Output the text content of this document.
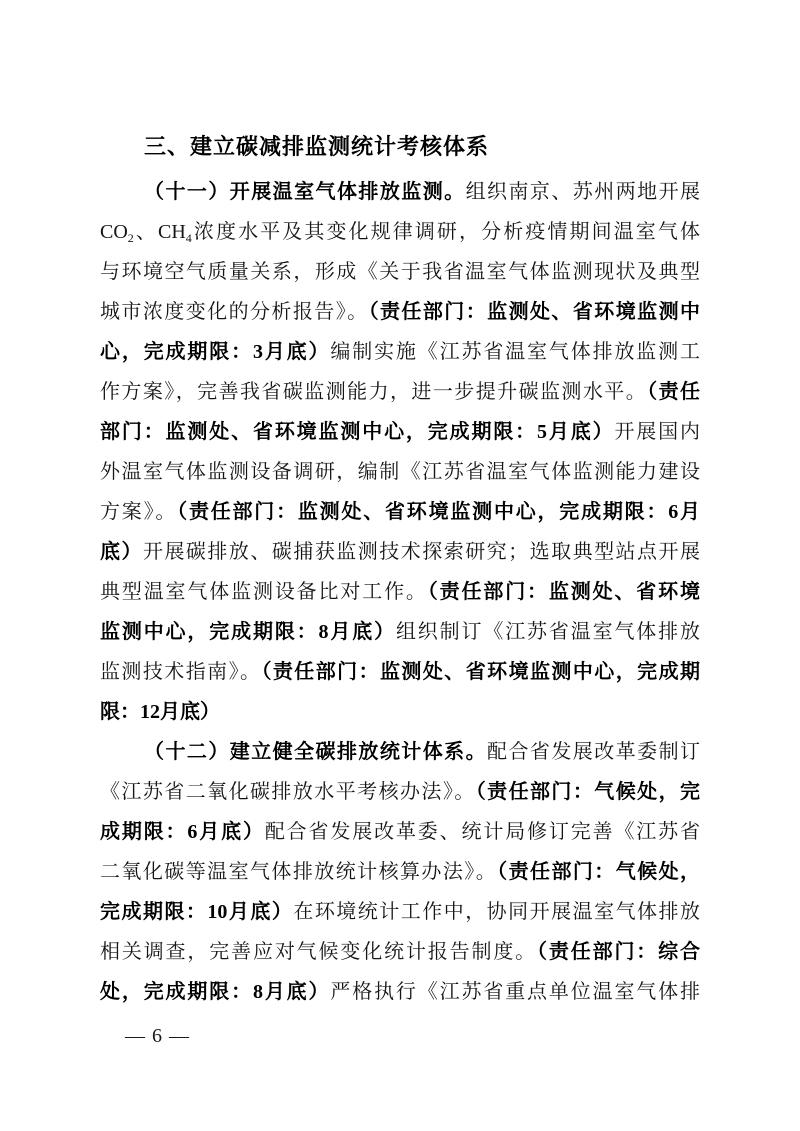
三、建立碳减排监测统计考核体系
（十一）开展温室气体排放监测。组织南京、苏州两地开展
$CO_2$、$CH_4$浓度水平及其变化规律调研，分析疫情期间温室气体
与环境空气质量关系，形成《关于我省温室气体监测现状及典型
城市浓度变化的分析报告》。（责任部门：监测处、省环境监测中
心，完成期限：3月底）编制实施《江苏省温室气体排放监测工
作方案》，完善我省碳监测能力，进一步提升碳监测水平。（责任
部门：监测处、省环境监测中心，完成期限：5月底）开展国内
外温室气体监测设备调研，编制《江苏省温室气体监测能力建设
方案》。（责任部门：监测处、省环境监测中心，完成期限：6月
底）开展碳排放、碳捕获监测技术探索研究；选取典型站点开展
典型温室气体监测设备比对工作。（责任部门：监测处、省环境
监测中心，完成期限：8月底）组织制订《江苏省温室气体排放
监测技术指南》。（责任部门：监测处、省环境监测中心，完成期
限：12月底）
（十二）建立健全碳排放统计体系。配合省发展改革委制订
《江苏省二氧化碳排放水平考核办法》。（责任部门：气候处，完
成期限：6月底）配合省发展改革委、统计局修订完善《江苏省
二氧化碳等温室气体排放统计核算办法》。（责任部门：气候处，
完成期限：10月底）在环境统计工作中，协同开展温室气体排放
相关调查，完善应对气候变化统计报告制度。（责任部门：综合
处，完成期限：8月底）严格执行《江苏省重点单位温室气体排

— 6 —
